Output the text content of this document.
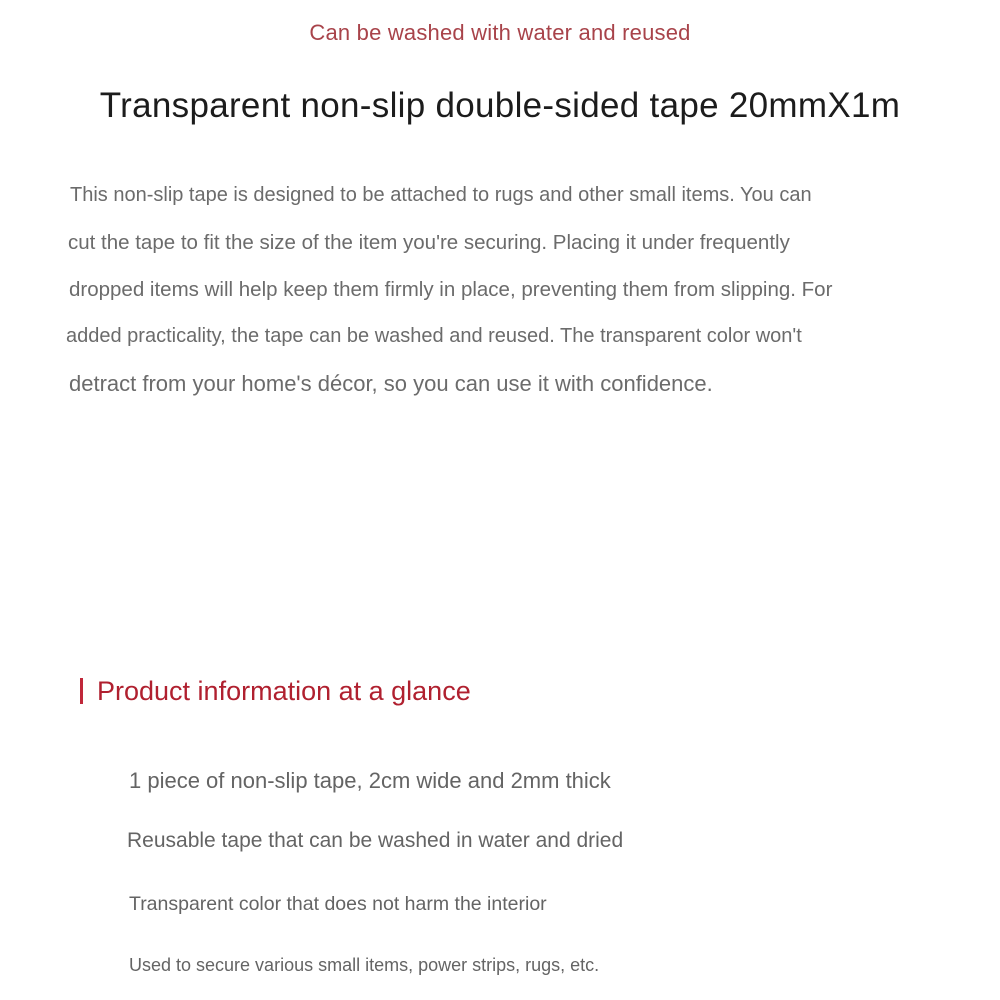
Can be washed with water and reused
Transparent non-slip double-sided tape 20mmX1m
This non-slip tape is designed to be attached to rugs and other small items. You can
cut the tape to fit the size of the item you're securing. Placing it under frequently
dropped items will help keep them firmly in place, preventing them from slipping. For
added practicality, the tape can be washed and reused. The transparent color won't
detract from your home's décor, so you can use it with confidence.
Product information at a glance
1 piece of non-slip tape, 2cm wide and 2mm thick
Reusable tape that can be washed in water and dried
Transparent color that does not harm the interior
Used to secure various small items, power strips, rugs, etc.
